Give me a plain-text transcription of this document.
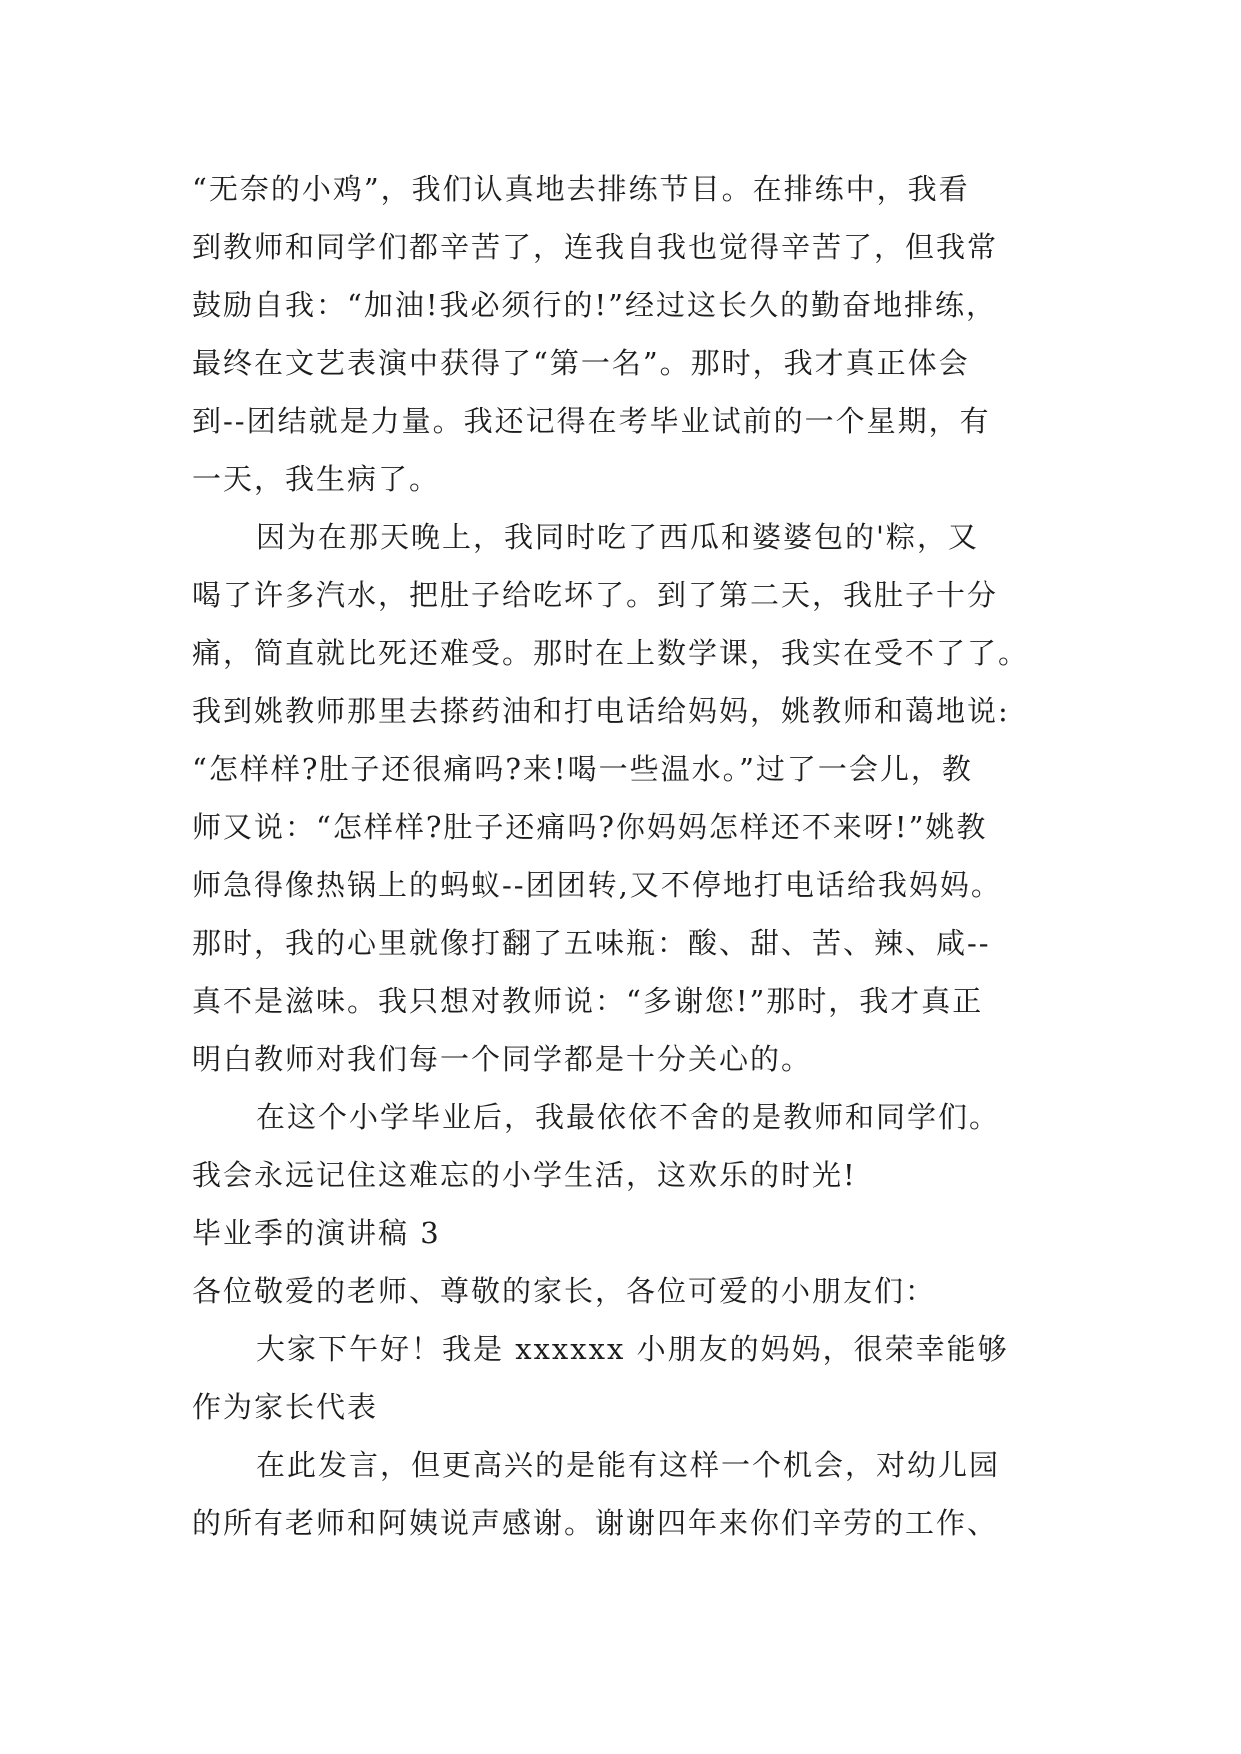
“无奈的小鸡”，我们认真地去排练节目。在排练中，我看
到教师和同学们都辛苦了，连我自我也觉得辛苦了，但我常
鼓励自我：“加油!我必须行的!”经过这长久的勤奋地排练，
最终在文艺表演中获得了“第一名”。那时，我才真正体会
到--团结就是力量。我还记得在考毕业试前的一个星期，有
一天，我生病了。
因为在那天晚上，我同时吃了西瓜和婆婆包的'粽，又
喝了许多汽水，把肚子给吃坏了。到了第二天，我肚子十分
痛，简直就比死还难受。那时在上数学课，我实在受不了了。
我到姚教师那里去搽药油和打电话给妈妈，姚教师和蔼地说:
“怎样样?肚子还很痛吗?来!喝一些温水。”过了一会儿，教
师又说：“怎样样?肚子还痛吗?你妈妈怎样还不来呀!”姚教
师急得像热锅上的蚂蚁--团团转,又不停地打电话给我妈妈。
那时，我的心里就像打翻了五味瓶：酸、甜、苦、辣、咸--
真不是滋味。我只想对教师说：“多谢您!”那时，我才真正
明白教师对我们每一个同学都是十分关心的。
在这个小学毕业后，我最依依不舍的是教师和同学们。
我会永远记住这难忘的小学生活，这欢乐的时光!
毕业季的演讲稿 3
各位敬爱的老师、尊敬的家长，各位可爱的小朋友们：
大家下午好！我是 xxxxxx 小朋友的妈妈，很荣幸能够
作为家长代表
在此发言，但更高兴的是能有这样一个机会，对幼儿园
的所有老师和阿姨说声感谢。谢谢四年来你们辛劳的工作、
